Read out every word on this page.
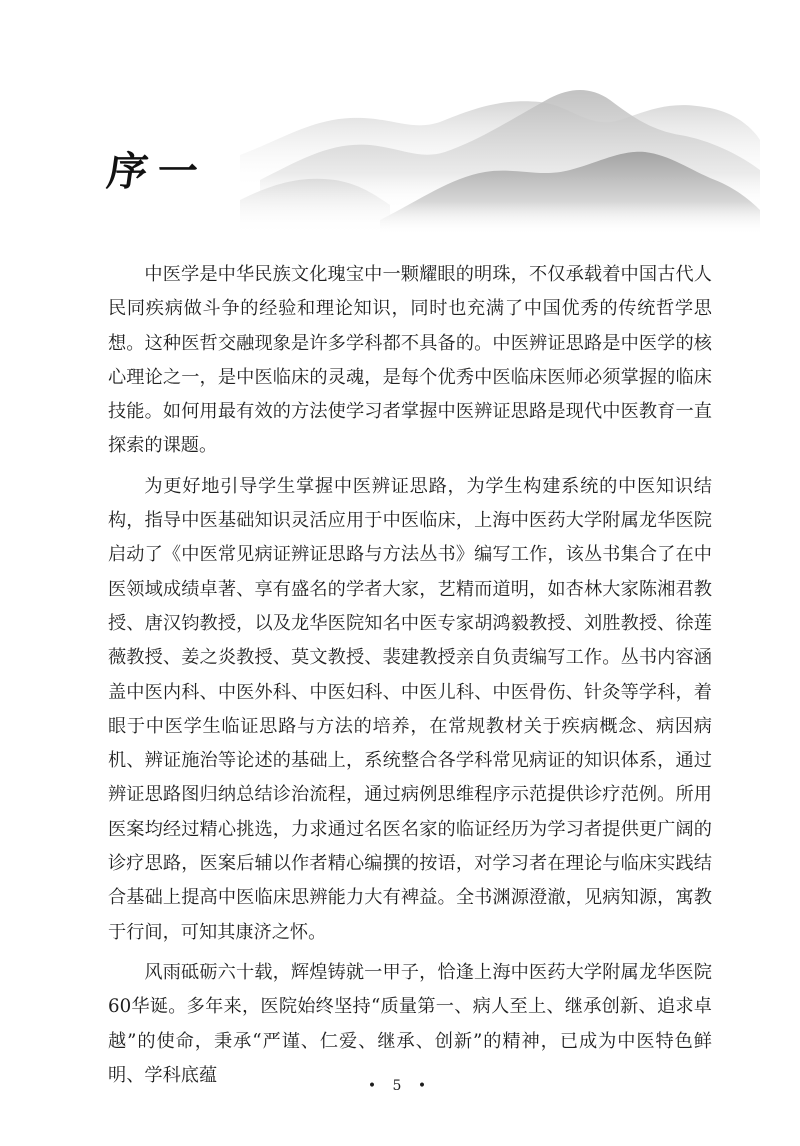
序一

中医学是中华民族文化瑰宝中一颗耀眼的明珠，不仅承载着中国古代人民同疾病做斗争的经验和理论知识，同时也充满了中国优秀的传统哲学思想。这种医哲交融现象是许多学科都不具备的。中医辨证思路是中医学的核心理论之一，是中医临床的灵魂，是每个优秀中医临床医师必须掌握的临床技能。如何用最有效的方法使学习者掌握中医辨证思路是现代中医教育一直探索的课题。

为更好地引导学生掌握中医辨证思路，为学生构建系统的中医知识结构，指导中医基础知识灵活应用于中医临床，上海中医药大学附属龙华医院启动了《中医常见病证辨证思路与方法丛书》编写工作，该丛书集合了在中医领域成绩卓著、享有盛名的学者大家，艺精而道明，如杏林大家陈湘君教授、唐汉钧教授，以及龙华医院知名中医专家胡鸿毅教授、刘胜教授、徐莲薇教授、姜之炎教授、莫文教授、裴建教授亲自负责编写工作。丛书内容涵盖中医内科、中医外科、中医妇科、中医儿科、中医骨伤、针灸等学科，着眼于中医学生临证思路与方法的培养，在常规教材关于疾病概念、病因病机、辨证施治等论述的基础上，系统整合各学科常见病证的知识体系，通过辨证思路图归纳总结诊治流程，通过病例思维程序示范提供诊疗范例。所用医案均经过精心挑选，力求通过名医名家的临证经历为学习者提供更广阔的诊疗思路，医案后辅以作者精心编撰的按语，对学习者在理论与临床实践结合基础上提高中医临床思辨能力大有裨益。全书渊源澄澈，见病知源，寓教于行间，可知其康济之怀。

风雨砥砺六十载，辉煌铸就一甲子，恰逢上海中医药大学附属龙华医院60华诞。多年来，医院始终坚持“质量第一、病人至上、继承创新、追求卓越”的使命，秉承“严谨、仁爱、继承、创新”的精神，已成为中医特色鲜明、学科底蕴

• 5 •
